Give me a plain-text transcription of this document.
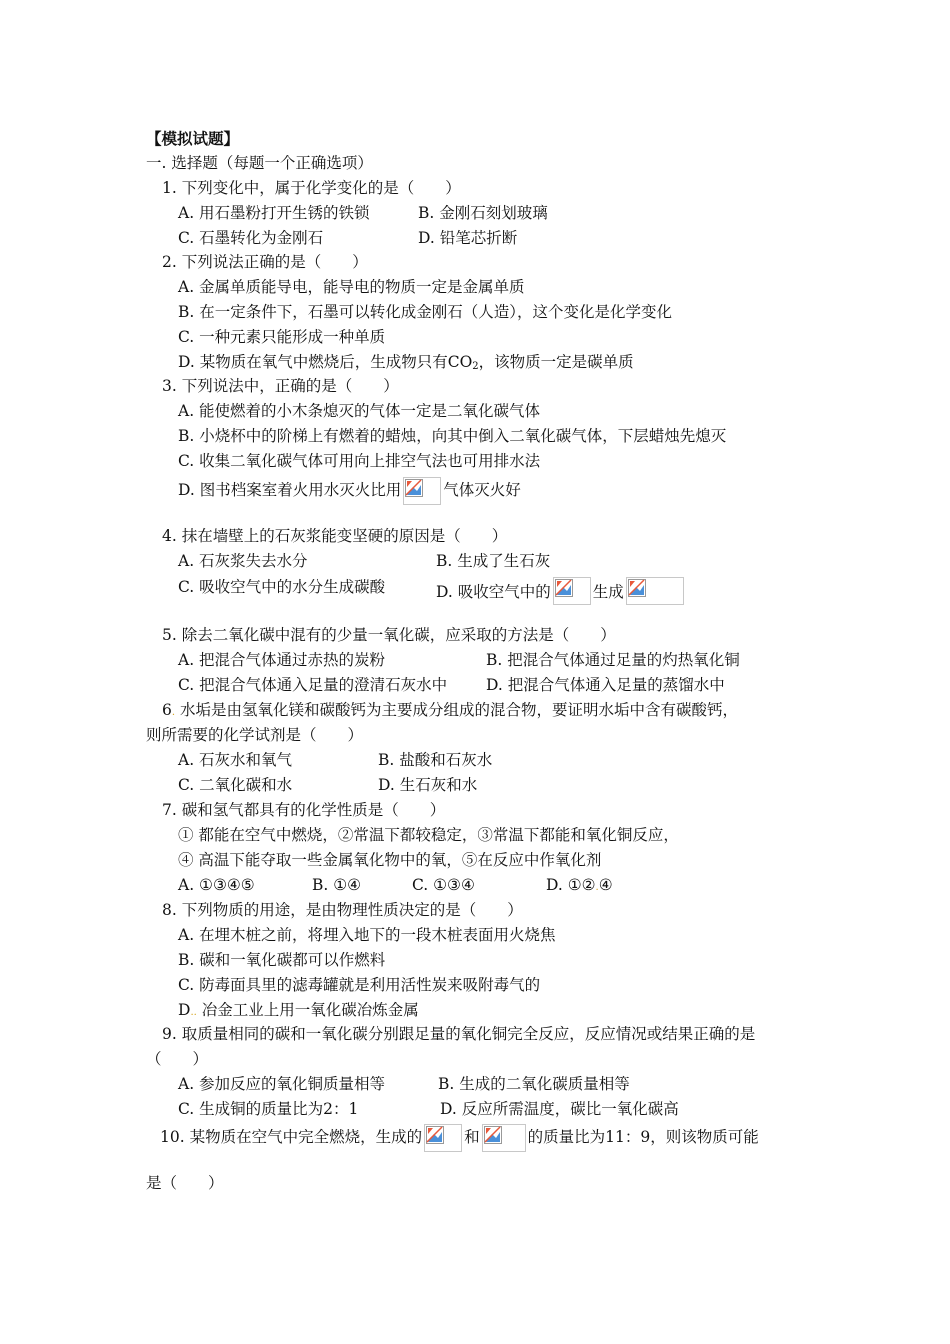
【模拟试题】
一. 选择题（每题一个正确选项）
1. 下列变化中，属于化学变化的是（　　）
A. 用石墨粉打开生锈的铁锁	B. 金刚石刻划玻璃
C. 石墨转化为金刚石	D. 铅笔芯折断
2. 下列说法正确的是（　　）
A. 金属单质能导电，能导电的物质一定是金属单质
B. 在一定条件下，石墨可以转化成金刚石（人造），这个变化是化学变化
C. 一种元素只能形成一种单质
D. 某物质在氧气中燃烧后，生成物只有$CO_2$，该物质一定是碳单质
3. 下列说法中，正确的是（　　）
A. 能使燃着的小木条熄灭的气体一定是二氧化碳气体
B. 小烧杯中的阶梯上有燃着的蜡烛，向其中倒入二氧化碳气体，下层蜡烛先熄灭
C. 收集二氧化碳气体可用向上排空气法也可用排水法
D. 图书档案室着火用水灭火比用	气体灭火好
4. 抹在墙壁上的石灰浆能变坚硬的原因是（　　）
A. 石灰浆失去水分	B. 生成了生石灰
C. 吸收空气中的水分生成碳酸	D. 吸收空气中的	生成
5. 除去二氧化碳中混有的少量一氧化碳，应采取的方法是（　　）
A. 把混合气体通过赤热的炭粉	B. 把混合气体通过足量的灼热氧化铜
C. 把混合气体通入足量的澄清石灰水中	D. 把混合气体通入足量的蒸馏水中
6. 水垢是由氢氧化镁和碳酸钙为主要成分组成的混合物，要证明水垢中含有碳酸钙，
则所需要的化学试剂是（　　）
A. 石灰水和氧气	B. 盐酸和石灰水
C. 二氧化碳和水	D. 生石灰和水
7. 碳和氢气都具有的化学性质是（　　）
① 都能在空气中燃烧，②常温下都较稳定，③常温下都能和氧化铜反应，
④ 高温下能夺取一些金属氧化物中的氧，⑤在反应中作氧化剂
A. ①③④⑤	B. ①④	C. ①③④	D. ①②.④
8. 下列物质的用途，是由物理性质决定的是（　　）
A. 在埋木桩之前，将埋入地下的一段木桩表面用火烧焦
B. 碳和一氧化碳都可以作燃料
C. 防毒面具里的滤毒罐就是利用活性炭来吸附毒气的
D.. 冶金工业上用一氧化碳冶炼金属
9. 取质量相同的碳和一氧化碳分别跟足量的氧化铜完全反应，反应情况或结果正确的是
（　　）
A. 参加反应的氧化铜质量相等	B. 生成的二氧化碳质量相等
C. 生成铜的质量比为2：1	D. 反应所需温度，碳比一氧化碳高
10. 某物质在空气中完全燃烧，生成的	和	的质量比为11：9，则该物质可能
是（　　）
